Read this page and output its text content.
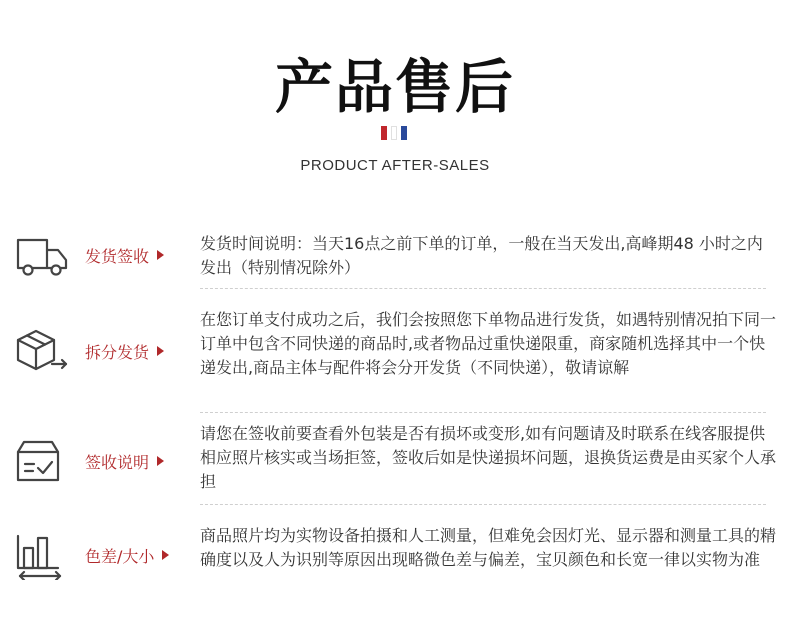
产品售后
PRODUCT AFTER-SALES
发货签收
发货时间说明：当天16点之前下单的订单，一般在当天发出,高峰期48 小时之内发出（特别情况除外）
拆分发货
在您订单支付成功之后，我们会按照您下单物品进行发货，如遇特别情况拍下同一订单中包含不同快递的商品时,或者物品过重快递限重，商家随机选择其中一个快递发出,商品主体与配件将会分开发货（不同快递），敬请谅解
签收说明
请您在签收前要查看外包装是否有损坏或变形,如有问题请及时联系在线客服提供相应照片核实或当场拒签，签收后如是快递损坏问题，退换货运费是由买家个人承担
色差/大小
商品照片均为实物设备拍摄和人工测量，但难免会因灯光、显示器和测量工具的精确度以及人为识别等原因出现略微色差与偏差，宝贝颜色和长宽一律以实物为准
